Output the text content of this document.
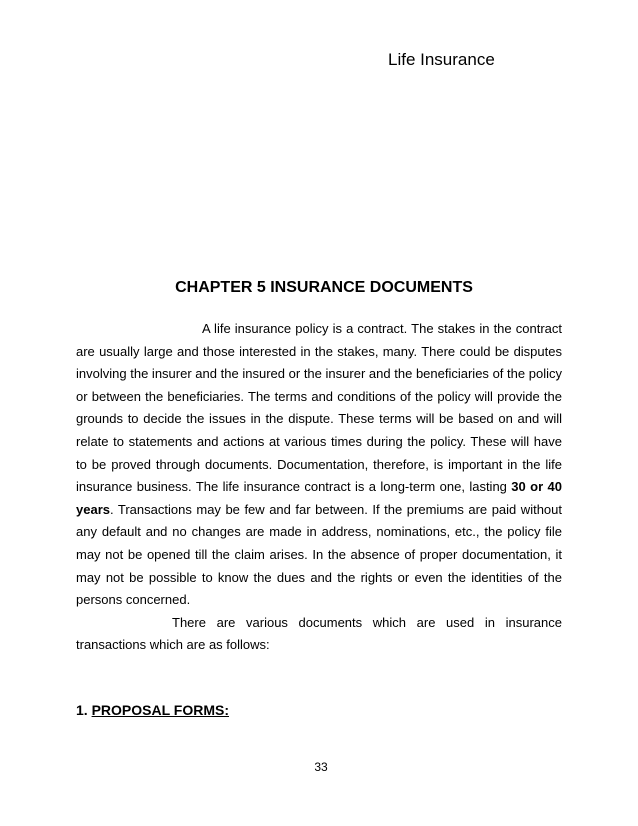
Life Insurance
CHAPTER 5 INSURANCE DOCUMENTS

A life insurance policy is a contract. The stakes in the contract are usually large and those interested in the stakes, many. There could be disputes involving the insurer and the insured or the insurer and the beneficiaries of the policy or between the beneficiaries. The terms and conditions of the policy will provide the grounds to decide the issues in the dispute. These terms will be based on and will relate to statements and actions at various times during the policy. These will have to be proved through documents. Documentation, therefore, is important in the life insurance business. The life insurance contract is a long-term one, lasting 30 or 40 years. Transactions may be few and far between. If the premiums are paid without any default and no changes are made in address, nominations, etc., the policy file may not be opened till the claim arises. In the absence of proper documentation, it may not be possible to know the dues and the rights or even the identities of the persons concerned.

There are various documents which are used in insurance transactions which are as follows:

1. PROPOSAL FORMS:
33
